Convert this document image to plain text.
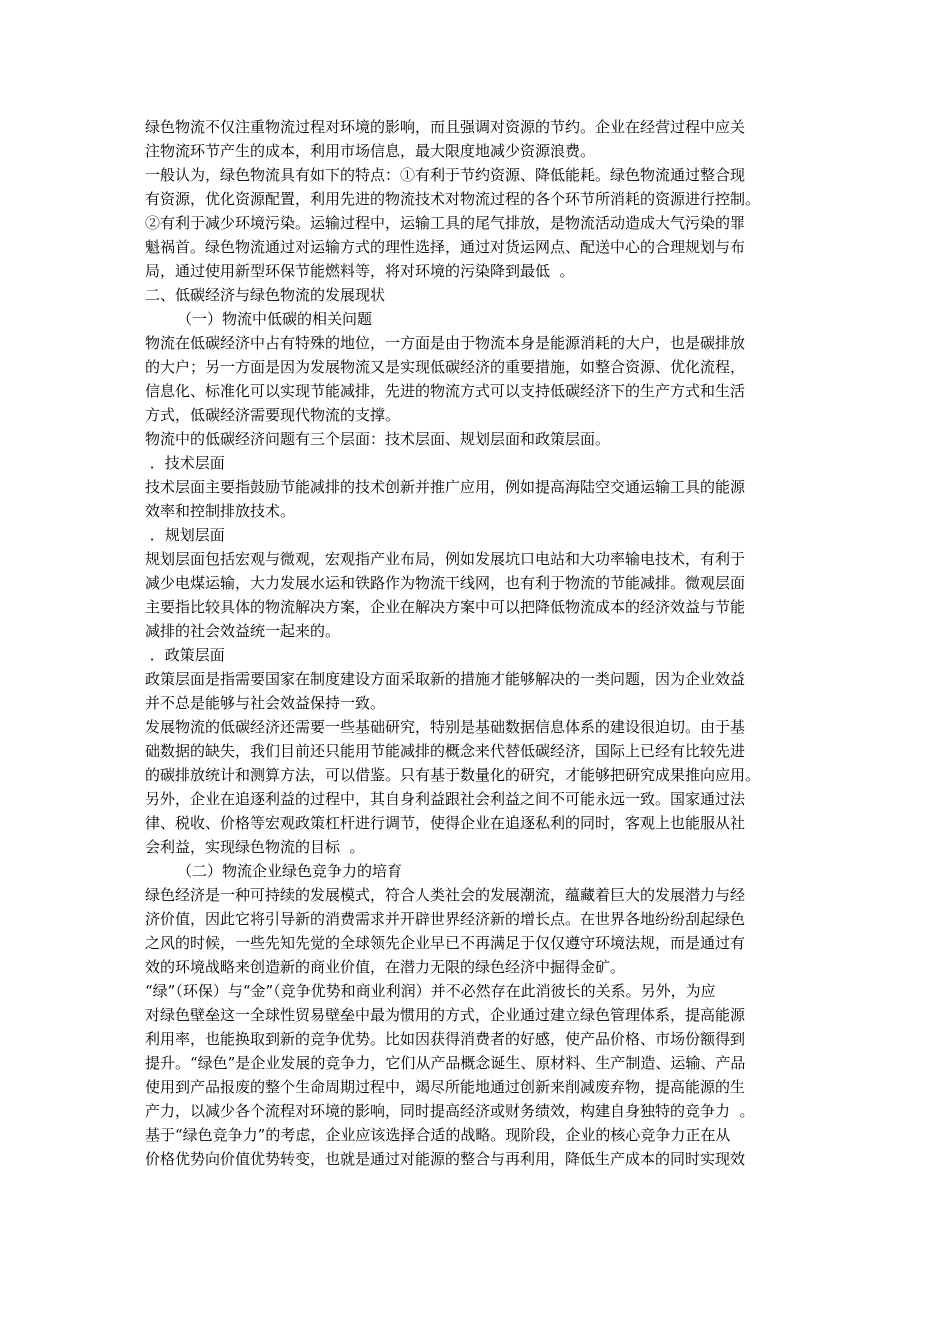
绿色物流不仅注重物流过程对环境的影响，而且强调对资源的节约。企业在经营过程中应关
注物流环节产生的成本，利用市场信息，最大限度地减少资源浪费。
一般认为，绿色物流具有如下的特点：①有利于节约资源、降低能耗。绿色物流通过整合现
有资源，优化资源配置，利用先进的物流技术对物流过程的各个环节所消耗的资源进行控制。
②有利于减少环境污染。运输过程中，运输工具的尾气排放，是物流活动造成大气污染的罪
魁祸首。绿色物流通过对运输方式的理性选择，通过对货运网点、配送中心的合理规划与布
局，通过使用新型环保节能燃料等，将对环境的污染降到最低  。
二、低碳经济与绿色物流的发展现状
（一）物流中低碳的相关问题
物流在低碳经济中占有特殊的地位，一方面是由于物流本身是能源消耗的大户，也是碳排放
的大户；另一方面是因为发展物流又是实现低碳经济的重要措施，如整合资源、优化流程，
信息化、标准化可以实现节能减排，先进的物流方式可以支持低碳经济下的生产方式和生活
方式，低碳经济需要现代物流的支撑。
物流中的低碳经济问题有三个层面：技术层面、规划层面和政策层面。
．技术层面
技术层面主要指鼓励节能减排的技术创新并推广应用，例如提高海陆空交通运输工具的能源
效率和控制排放技术。
．规划层面
规划层面包括宏观与微观，宏观指产业布局，例如发展坑口电站和大功率输电技术，有利于
减少电煤运输，大力发展水运和铁路作为物流干线网，也有利于物流的节能减排。微观层面
主要指比较具体的物流解决方案，企业在解决方案中可以把降低物流成本的经济效益与节能
减排的社会效益统一起来的。
．政策层面
政策层面是指需要国家在制度建设方面采取新的措施才能够解决的一类问题，因为企业效益
并不总是能够与社会效益保持一致。
发展物流的低碳经济还需要一些基础研究，特别是基础数据信息体系的建设很迫切。由于基
础数据的缺失，我们目前还只能用节能减排的概念来代替低碳经济，国际上已经有比较先进
的碳排放统计和测算方法，可以借鉴。只有基于数量化的研究，才能够把研究成果推向应用。
另外，企业在追逐利益的过程中，其自身利益跟社会利益之间不可能永远一致。国家通过法
律、税收、价格等宏观政策杠杆进行调节，使得企业在追逐私利的同时，客观上也能服从社
会利益，实现绿色物流的目标  。
（二）物流企业绿色竞争力的培育
绿色经济是一种可持续的发展模式，符合人类社会的发展潮流，蕴藏着巨大的发展潜力与经
济价值，因此它将引导新的消费需求并开辟世界经济新的增长点。在世界各地纷纷刮起绿色
之风的时候，一些先知先觉的全球领先企业早已不再满足于仅仅遵守环境法规，而是通过有
效的环境战略来创造新的商业价值，在潜力无限的绿色经济中掘得金矿。
“绿”（环保）与“金”（竞争优势和商业利润）并不必然存在此消彼长的关系。另外，为应
对绿色壁垒这一全球性贸易壁垒中最为惯用的方式，企业通过建立绿色管理体系，提高能源
利用率，也能换取到新的竞争优势。比如因获得消费者的好感，使产品价格、市场份额得到
提升。“绿色”是企业发展的竞争力，它们从产品概念诞生、原材料、生产制造、运输、产品
使用到产品报废的整个生命周期过程中，竭尽所能地通过创新来削减废弃物，提高能源的生
产力，以减少各个流程对环境的影响，同时提高经济或财务绩效，构建自身独特的竞争力  。
基于“绿色竞争力”的考虑，企业应该选择合适的战略。现阶段，企业的核心竞争力正在从
价格优势向价值优势转变，也就是通过对能源的整合与再利用，降低生产成本的同时实现效
